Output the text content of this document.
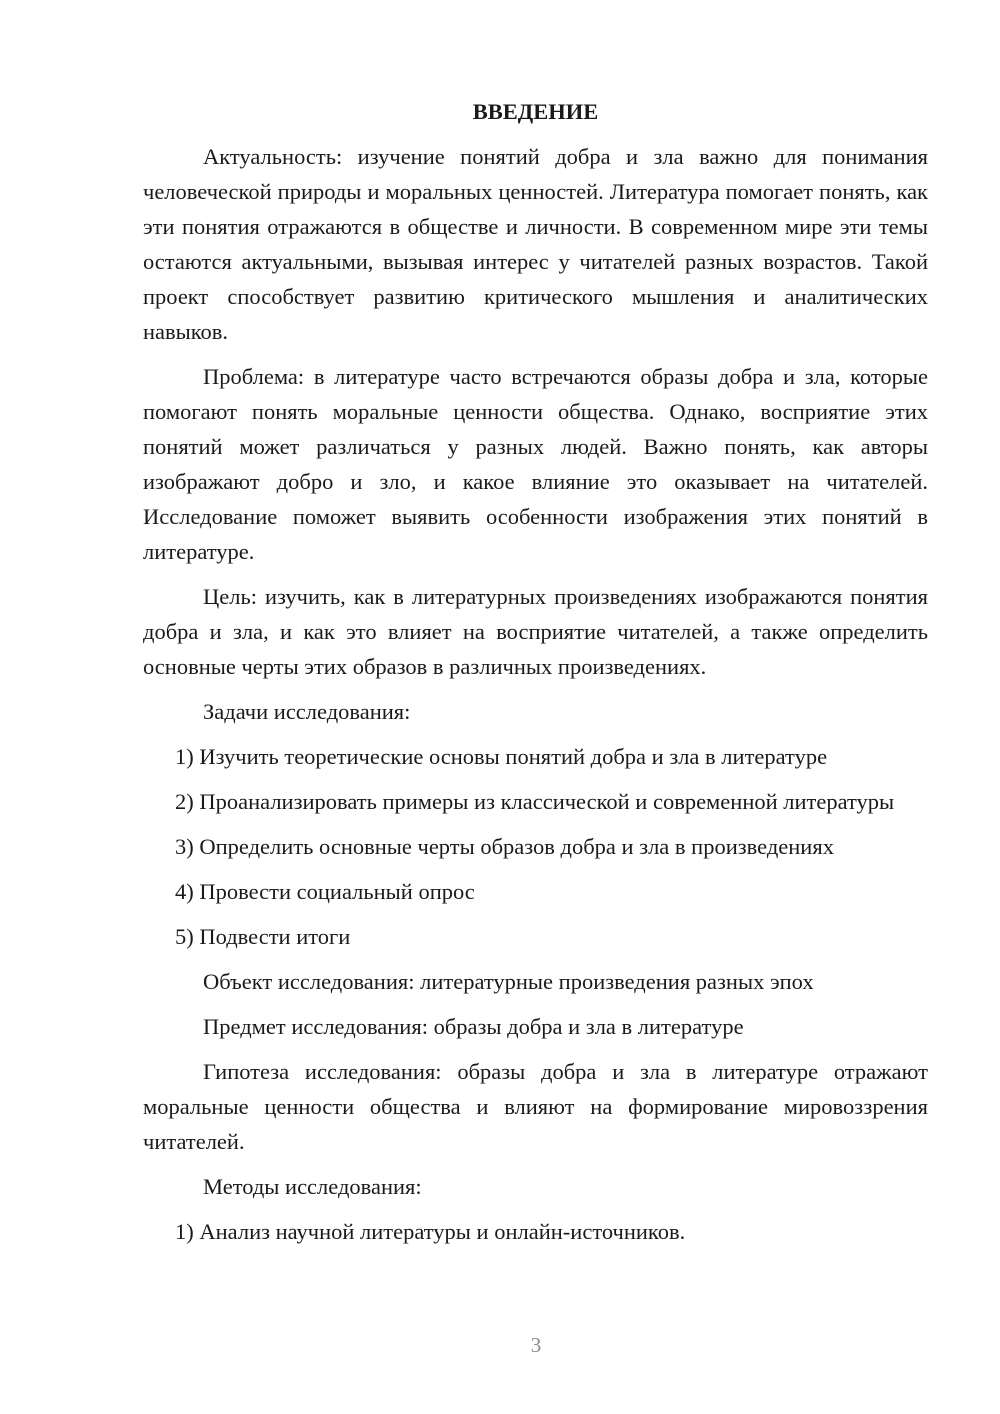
ВВЕДЕНИЕ
Актуальность: изучение понятий добра и зла важно для понимания человеческой природы и моральных ценностей. Литература помогает понять, как эти понятия отражаются в обществе и личности. В современном мире эти темы остаются актуальными, вызывая интерес у читателей разных возрастов. Такой проект способствует развитию критического мышления и аналитических навыков.
Проблема: в литературе часто встречаются образы добра и зла, которые помогают понять моральные ценности общества. Однако, восприятие этих понятий может различаться у разных людей. Важно понять, как авторы изображают добро и зло, и какое влияние это оказывает на читателей. Исследование поможет выявить особенности изображения этих понятий в литературе.
Цель: изучить, как в литературных произведениях изображаются понятия добра и зла, и как это влияет на восприятие читателей, а также определить основные черты этих образов в различных произведениях.
Задачи исследования:
1) Изучить теоретические основы понятий добра и зла в литературе
2) Проанализировать примеры из классической и современной литературы
3) Определить основные черты образов добра и зла в произведениях
4) Провести социальный опрос
5) Подвести итоги
Объект исследования: литературные произведения разных эпох
Предмет исследования: образы добра и зла в литературе
Гипотеза исследования: образы добра и зла в литературе отражают моральные ценности общества и влияют на формирование мировоззрения читателей.
Методы исследования:
1) Анализ научной литературы и онлайн-источников.
3
